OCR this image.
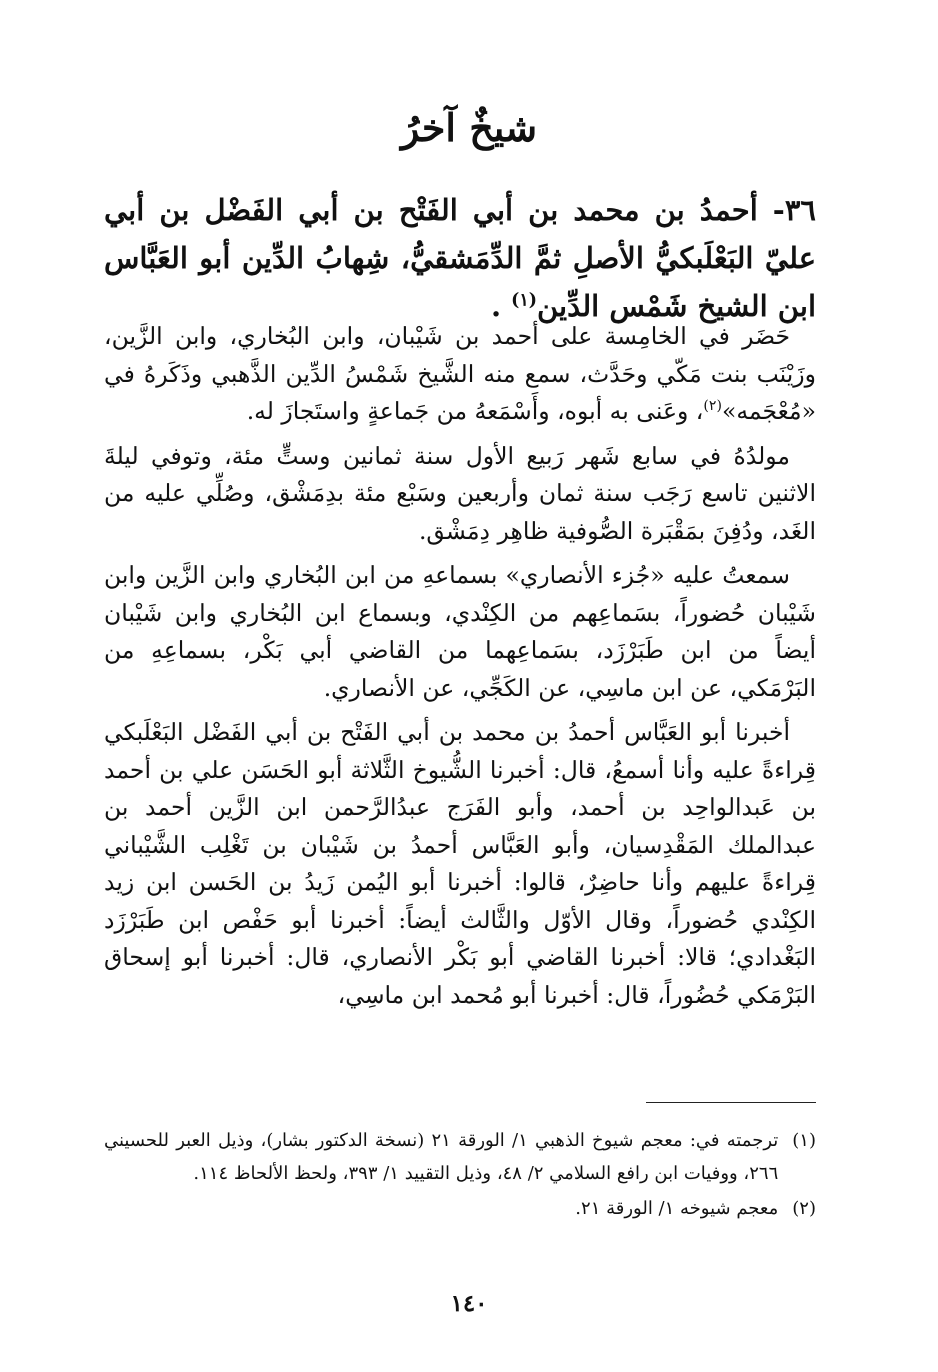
شيخٌ آخرُ

٣٦- أحمدُ بن محمد بن أبي الفَتْح بن أبي الفَضْل بن أبي عليّ البَعْلَبكيُّ الأصلِ ثمَّ الدِّمَشقيُّ، شِهابُ الدِّين أبو العَبَّاس ابن الشيخ شَمْس الدِّين$^{(١)}$ .

حَضَر في الخامِسة على أحمد بن شَيْبان، وابن البُخاري، وابن الزَّين، وزَيْنَب بنت مَكّي وحَدَّث، سمع منه الشَّيخ شَمْسُ الدِّين الذَّهبي وذَكَرهُ في «مُعْجَمه»$^{(٢)}$، وعَنى به أبوه، وأَسْمَعهُ من جَماعةٍ واستَجازَ له.

مولدُهُ في سابع شَهر رَبيع الأول سنة ثمانين وستٍّ مئة، وتوفي ليلةَ الاثنين تاسع رَجَب سنة ثمان وأربعين وسَبْع مئة بدِمَشْق، وصُلِّي عليه من الغَد، ودُفِنَ بمَقْبَرة الصُّوفية ظاهِر دِمَشْق.

سمعتُ عليه «جُزء الأنصاري» بسماعهِ من ابن البُخاري وابن الزَّين وابن شَيْبان حُضوراً، بسَماعِهم من الكِنْدي، وبسماع ابن البُخاري وابن شَيْبان أيضاً من ابن طَبَرْزَد، بسَماعِهما من القاضي أبي بَكْر، بسماعِهِ من البَرْمَكي، عن ابن ماسِي، عن الكَجِّي، عن الأنصاري.

أخبرنا أبو العَبَّاس أحمدُ بن محمد بن أبي الفَتْح بن أبي الفَضْل البَعْلَبكي قِراءةً عليه وأنا أسمعُ، قال: أخبرنا الشُّيوخ الثَّلاثة أبو الحَسَن علي بن أحمد بن عَبدالواحِد بن أحمد، وأبو الفَرَج عبدُالرَّحمن ابن الزَّين أحمد بن عبدالملك المَقْدِسيان، وأبو العَبَّاس أحمدُ بن شَيْبان بن تَغْلِب الشَّيْباني قِراءةً عليهم وأنا حاضِرٌ، قالوا: أخبرنا أبو اليُمن زَيدُ بن الحَسن ابن زيد الكِنْدي حُضوراً، وقال الأوّل والثَّالث أيضاً: أخبرنا أبو حَفْص ابن طَبَرْزَد البَغْدادي؛ قالا: أخبرنا القاضي أبو بَكْر الأنصاري، قال: أخبرنا أبو إسحاق البَرْمَكي حُضُوراً، قال: أخبرنا أبو مُحمد ابن ماسِي،

(١)
ترجمته في: معجم شيوخ الذهبي ١/ الورقة ٢١ (نسخة الدكتور بشار)، وذيل العبر للحسيني ٢٦٦، ووفيات ابن رافع السلامي ٢/ ٤٨، وذيل التقييد ١/ ٣٩٣، ولحظ الألحاظ ١١٤.
(٢)
معجم شيوخه ١/ الورقة ٢١.
١٤٠
